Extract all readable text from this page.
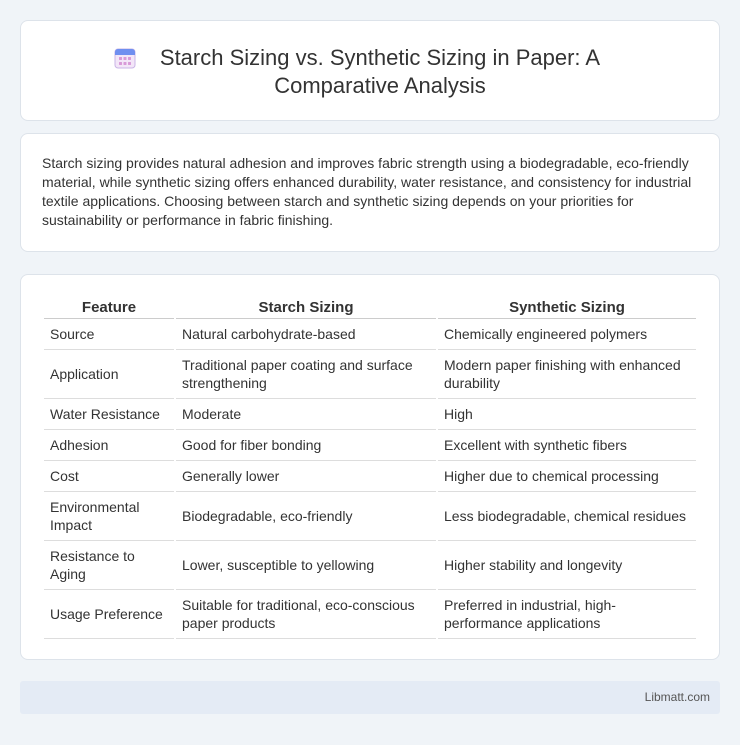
Starch Sizing vs. Synthetic Sizing in Paper: A Comparative Analysis

Starch sizing provides natural adhesion and improves fabric strength using a biodegradable, eco-friendly material, while synthetic sizing offers enhanced durability, water resistance, and consistency for industrial textile applications. Choosing between starch and synthetic sizing depends on your priorities for sustainability or performance in fabric finishing.

Feature	Starch Sizing	Synthetic Sizing
Source	Natural carbohydrate-based	Chemically engineered polymers
Application	Traditional paper coating and surface strengthening	Modern paper finishing with enhanced durability
Water Resistance	Moderate	High
Adhesion	Good for fiber bonding	Excellent with synthetic fibers
Cost	Generally lower	Higher due to chemical processing
Environmental Impact	Biodegradable, eco-friendly	Less biodegradable, chemical residues
Resistance to Aging	Lower, susceptible to yellowing	Higher stability and longevity
Usage Preference	Suitable for traditional, eco-conscious paper products	Preferred in industrial, high-performance applications
Libmatt.com
